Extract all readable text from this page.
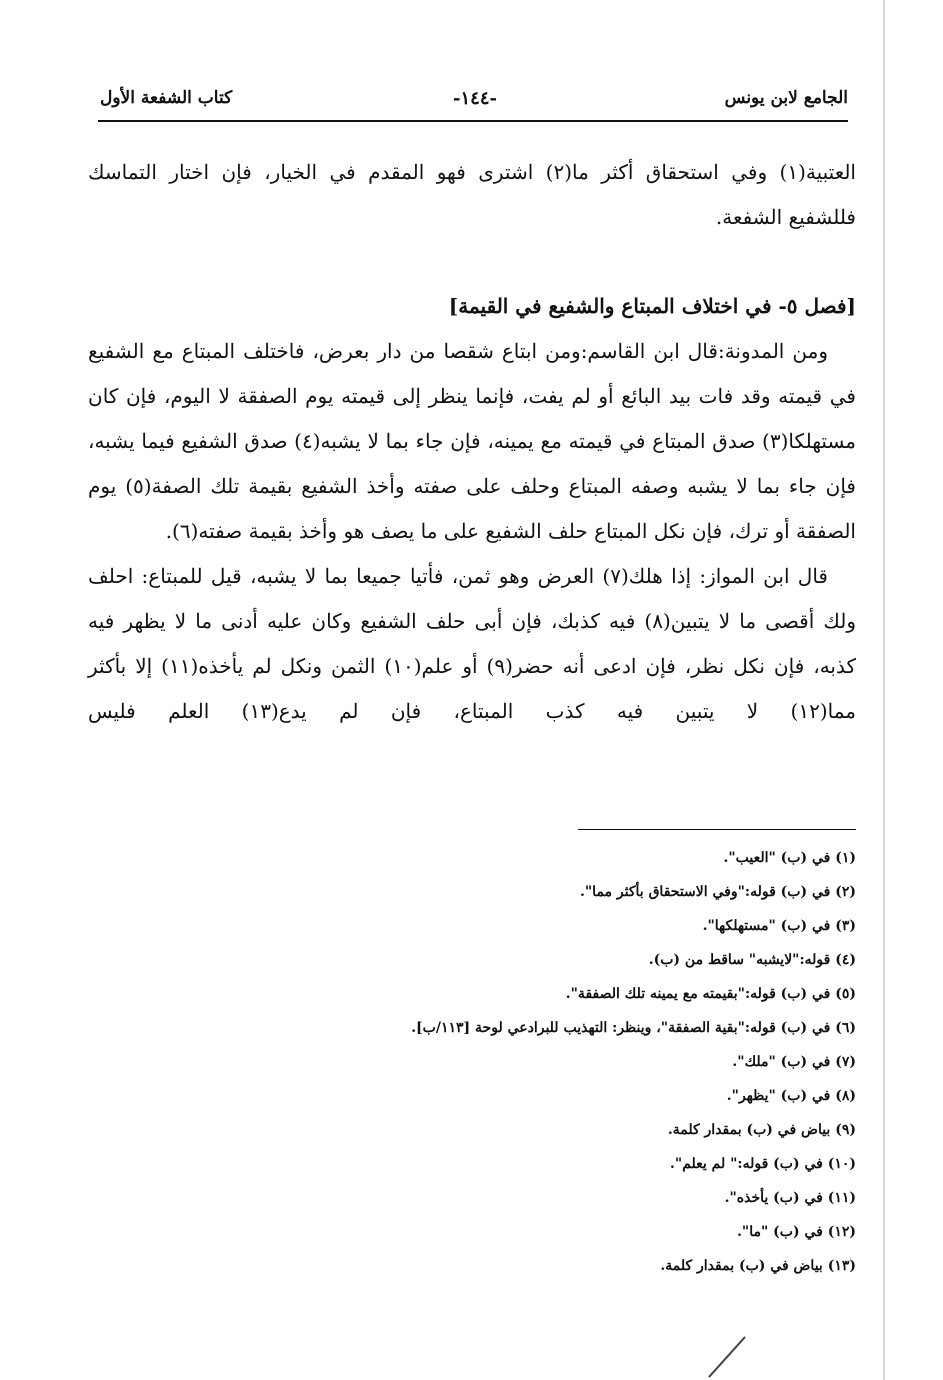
الجامع لابن يونس
-١٤٤-
كتاب الشفعة الأول

العتبية(١) وفي استحقاق أكثر ما(٢) اشترى فهو المقدم في الخيار، فإن اختار التماسك

فللشفيع الشفعة.

[فصل ٥- في اختلاف المبتاع والشفيع في القيمة]

ومن المدونة:قال ابن القاسم:ومن ابتاع شقصا من دار بعرض، فاختلف المبتاع مع الشفيع في قيمته وقد فات بيد البائع أو لم يفت، فإنما ينظر إلى قيمته يوم الصفقة لا اليوم، فإن كان مستهلكا(٣) صدق المبتاع في قيمته مع يمينه، فإن جاء بما لا يشبه(٤) صدق الشفيع فيما يشبه، فإن جاء بما لا يشبه وصفه المبتاع وحلف على صفته وأخذ الشفيع بقيمة تلك الصفة(٥) يوم الصفقة أو ترك، فإن نكل المبتاع حلف الشفيع على ما يصف هو وأخذ بقيمة صفته(٦).

قال ابن المواز: إذا هلك(٧) العرض وهو ثمن، فأتيا جميعا بما لا يشبه، قيل للمبتاع: احلف ولك أقصى ما لا يتبين(٨) فيه كذبك، فإن أبى حلف الشفيع وكان عليه أدنى ما لا يظهر فيه كذبه، فإن نكل نظر، فإن ادعى أنه حضر(٩) أو علم(١٠) الثمن ونكل لم يأخذه(١١) إلا بأكثر مما(١٢) لا يتبين فيه كذب المبتاع، فإن لم يدع(١٣) العلم فليس

(١) في (ب) "العيب".
(٢) في (ب) قوله:"وفي الاستحقاق بأكثر مما".
(٣) في (ب) "مستهلكها".
(٤) قوله:"لايشبه" ساقط من (ب).
(٥) في (ب) قوله:"بقيمته مع يمينه تلك الصفقة".
(٦) في (ب) قوله:"بقية الصفقة"، وينظر: التهذيب للبرادعي لوحة [١١٣/ب].
(٧) في (ب) "ملك".
(٨) في (ب) "يظهر".
(٩) بياض في (ب) بمقدار كلمة.
(١٠) في (ب) قوله:" لم يعلم".
(١١) في (ب) يأخذه".
(١٢) في (ب) "ما".
(١٣) بياض في (ب) بمقدار كلمة.
